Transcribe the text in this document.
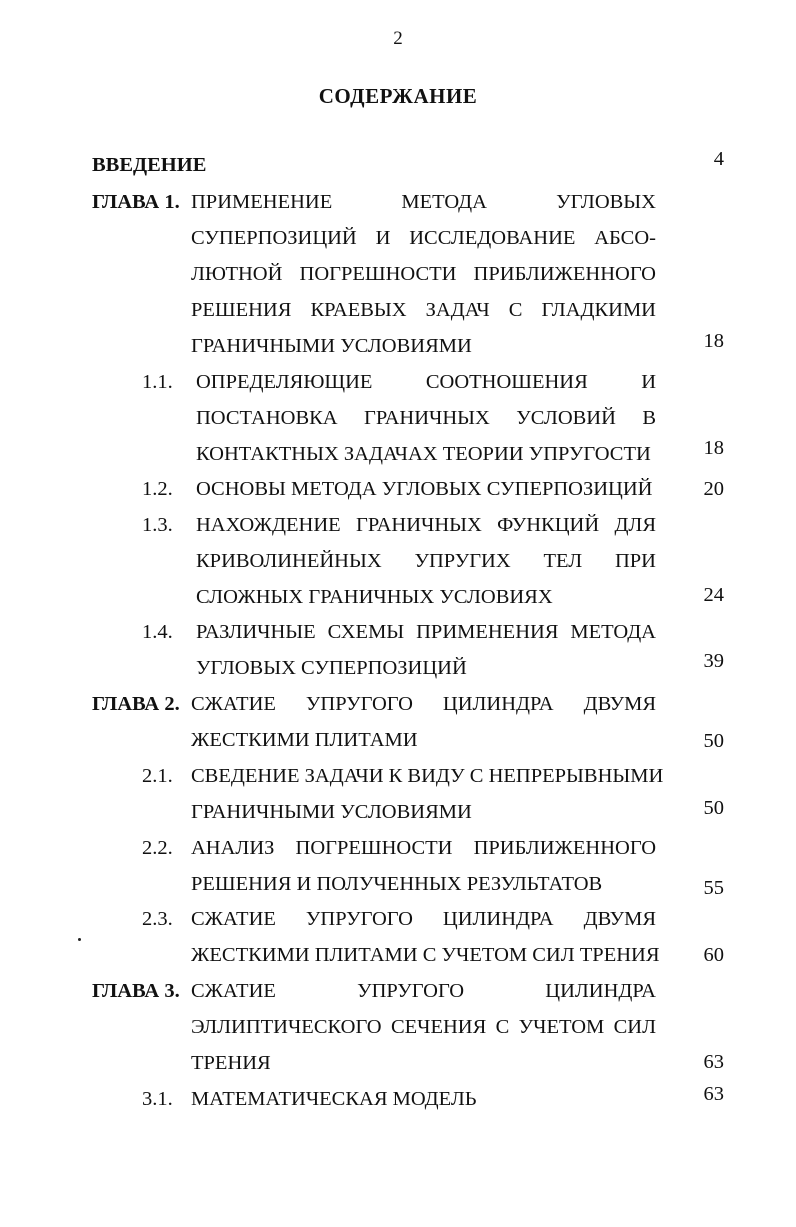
2
СОДЕРЖАНИЕ
ВВЕДЕНИЕ	4
ГЛАВА 1. ПРИМЕНЕНИЕ МЕТОДА УГЛОВЫХ
СУПЕРПОЗИЦИЙ И ИССЛЕДОВАНИЕ АБСО-
ЛЮТНОЙ ПОГРЕШНОСТИ ПРИБЛИЖЕННОГО
РЕШЕНИЯ КРАЕВЫХ ЗАДАЧ С ГЛАДКИМИ
ГРАНИЧНЫМИ УСЛОВИЯМИ	18
1.1. ОПРЕДЕЛЯЮЩИЕ СООТНОШЕНИЯ И
ПОСТАНОВКА ГРАНИЧНЫХ УСЛОВИЙ В
КОНТАКТНЫХ ЗАДАЧАХ ТЕОРИИ УПРУГОСТИ	18
1.2. ОСНОВЫ МЕТОДА УГЛОВЫХ СУПЕРПОЗИЦИЙ	20
1.3. НАХОЖДЕНИЕ ГРАНИЧНЫХ ФУНКЦИЙ ДЛЯ
КРИВОЛИНЕЙНЫХ УПРУГИХ ТЕЛ ПРИ
СЛОЖНЫХ ГРАНИЧНЫХ УСЛОВИЯХ	24
1.4. РАЗЛИЧНЫЕ СХЕМЫ ПРИМЕНЕНИЯ МЕТОДА
УГЛОВЫХ СУПЕРПОЗИЦИЙ	39
ГЛАВА 2. СЖАТИЕ УПРУГОГО ЦИЛИНДРА ДВУМЯ
ЖЕСТКИМИ ПЛИТАМИ	50
2.1. СВЕДЕНИЕ ЗАДАЧИ К ВИДУ С НЕПРЕРЫВНЫМИ
ГРАНИЧНЫМИ УСЛОВИЯМИ	50
2.2. АНАЛИЗ ПОГРЕШНОСТИ ПРИБЛИЖЕННОГО
РЕШЕНИЯ И ПОЛУЧЕННЫХ РЕЗУЛЬТАТОВ	55
2.3. СЖАТИЕ УПРУГОГО ЦИЛИНДРА ДВУМЯ
ЖЕСТКИМИ ПЛИТАМИ С УЧЕТОМ СИЛ ТРЕНИЯ	60
ГЛАВА 3. СЖАТИЕ УПРУГОГО ЦИЛИНДРА
ЭЛЛИПТИЧЕСКОГО СЕЧЕНИЯ С УЧЕТОМ СИЛ
ТРЕНИЯ	63
3.1. МАТЕМАТИЧЕСКАЯ МОДЕЛЬ	63
